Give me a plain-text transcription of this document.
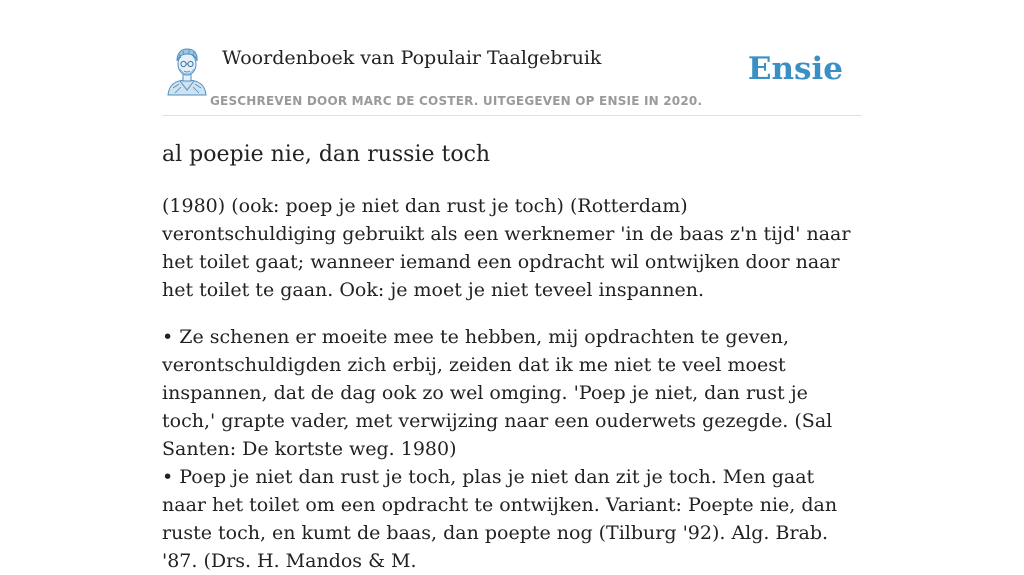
Woordenboek van Populair Taalgebruik
GESCHREVEN DOOR MARC DE COSTER. UITGEGEVEN OP ENSIE IN 2020.
Ensie
al poepie nie, dan russie toch

(1980) (ook: poep je niet dan rust je toch) (Rotterdam) verontschuldiging gebruikt als een werknemer 'in de baas z'n tijd' naar het toilet gaat; wanneer iemand een opdracht wil ontwijken door naar het toilet te gaan. Ook: je moet je niet teveel inspannen.

• Ze schenen er moeite mee te hebben, mij opdrachten te geven, verontschuldigden zich erbij, zeiden dat ik me niet te veel moest inspannen, dat de dag ook zo wel omging. 'Poep je niet, dan rust je toch,' grapte vader, met verwijzing naar een ouderwets gezegde. (Sal Santen: De kortste weg. 1980)
• Poep je niet dan rust je toch, plas je niet dan zit je toch. Men gaat naar het toilet om een opdracht te ontwijken. Variant: Poepte nie, dan ruste toch, en kumt de baas, dan poepte nog (Tilburg '92). Alg. Brab. '87. (Drs. H. Mandos & M.
